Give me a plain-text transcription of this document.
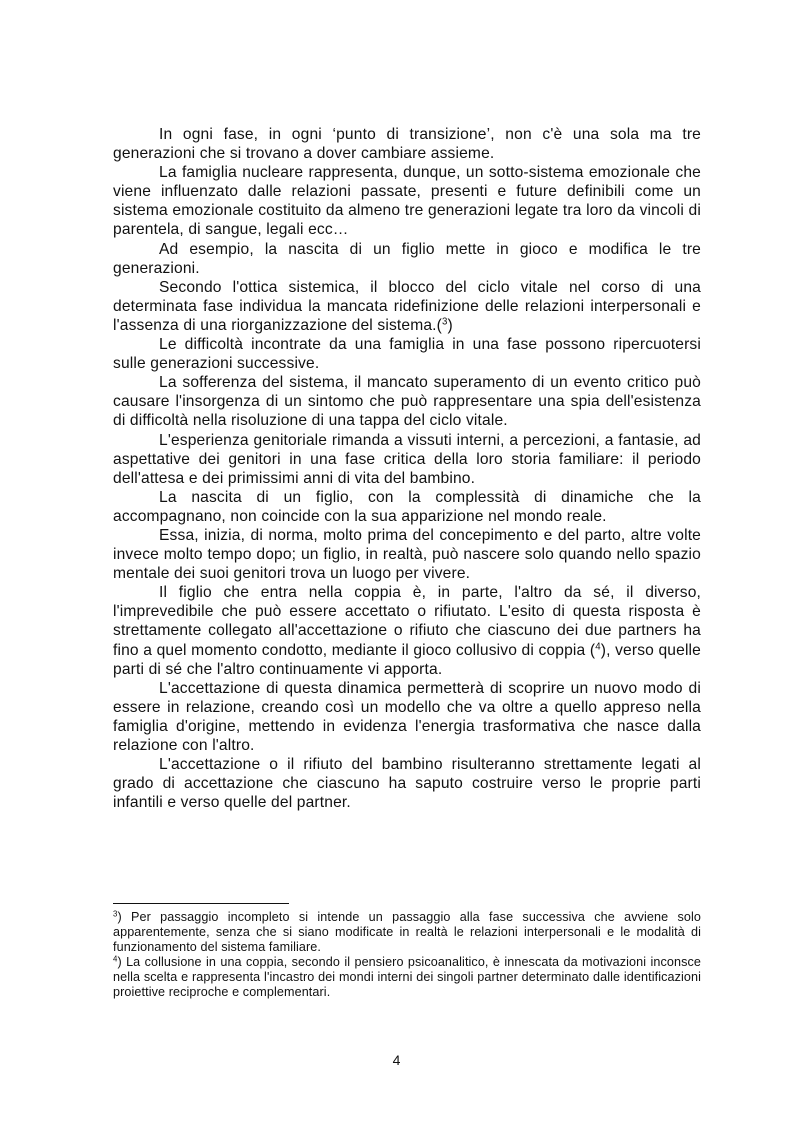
In ogni fase, in ogni ‘punto di transizione’, non c'è una sola ma tre generazioni che si trovano a dover cambiare assieme.

La famiglia nucleare rappresenta, dunque, un sotto-sistema emozionale che viene influenzato dalle relazioni passate, presenti e future definibili come un sistema emozionale costituito da almeno tre generazioni legate tra loro da vincoli di parentela, di sangue, legali ecc…

Ad esempio, la nascita di un figlio mette in gioco e modifica le tre generazioni.

Secondo l'ottica sistemica, il blocco del ciclo vitale nel corso di una determinata fase individua la mancata ridefinizione delle relazioni interpersonali e l'assenza di una riorganizzazione del sistema.($^3$)

Le difficoltà incontrate da una famiglia in una fase possono ripercuotersi sulle generazioni successive.

La sofferenza del sistema, il mancato superamento di un evento critico può causare l'insorgenza di un sintomo che può rappresentare una spia dell'esistenza di difficoltà nella risoluzione di una tappa del ciclo vitale.

L'esperienza genitoriale rimanda a vissuti interni, a percezioni, a fantasie, ad aspettative dei genitori in una fase critica della loro storia familiare: il periodo dell'attesa e dei primissimi anni di vita del bambino.

La nascita di un figlio, con la complessità di dinamiche che la accompagnano, non coincide con la sua apparizione nel mondo reale.

Essa, inizia, di norma, molto prima del concepimento e del parto, altre volte invece molto tempo dopo; un figlio, in realtà, può nascere solo quando nello spazio mentale dei suoi genitori trova un luogo per vivere.

Il figlio che entra nella coppia è, in parte, l'altro da sé, il diverso, l'imprevedibile che può essere accettato o rifiutato. L'esito di questa risposta è strettamente collegato all'accettazione o rifiuto che ciascuno dei due partners ha fino a quel momento condotto, mediante il gioco collusivo di coppia ($^4$), verso quelle parti di sé che l'altro continuamente vi apporta.

L'accettazione di questa dinamica permetterà di scoprire un nuovo modo di essere in relazione, creando così un modello che va oltre a quello appreso nella famiglia d'origine, mettendo in evidenza l'energia trasformativa che nasce dalla relazione con l'altro.

L'accettazione o il rifiuto del bambino risulteranno strettamente legati al grado di accettazione che ciascuno ha saputo costruire verso le proprie parti infantili e verso quelle del partner.

$^3$) Per passaggio incompleto si intende un passaggio alla fase successiva che avviene solo apparentemente, senza che si siano modificate in realtà le relazioni interpersonali e le modalità di funzionamento del sistema familiare.

$^4$) La collusione in una coppia, secondo il pensiero psicoanalitico, è innescata da motivazioni inconsce nella scelta e rappresenta l'incastro dei mondi interni dei singoli partner determinato dalle identificazioni proiettive reciproche e complementari.

4
